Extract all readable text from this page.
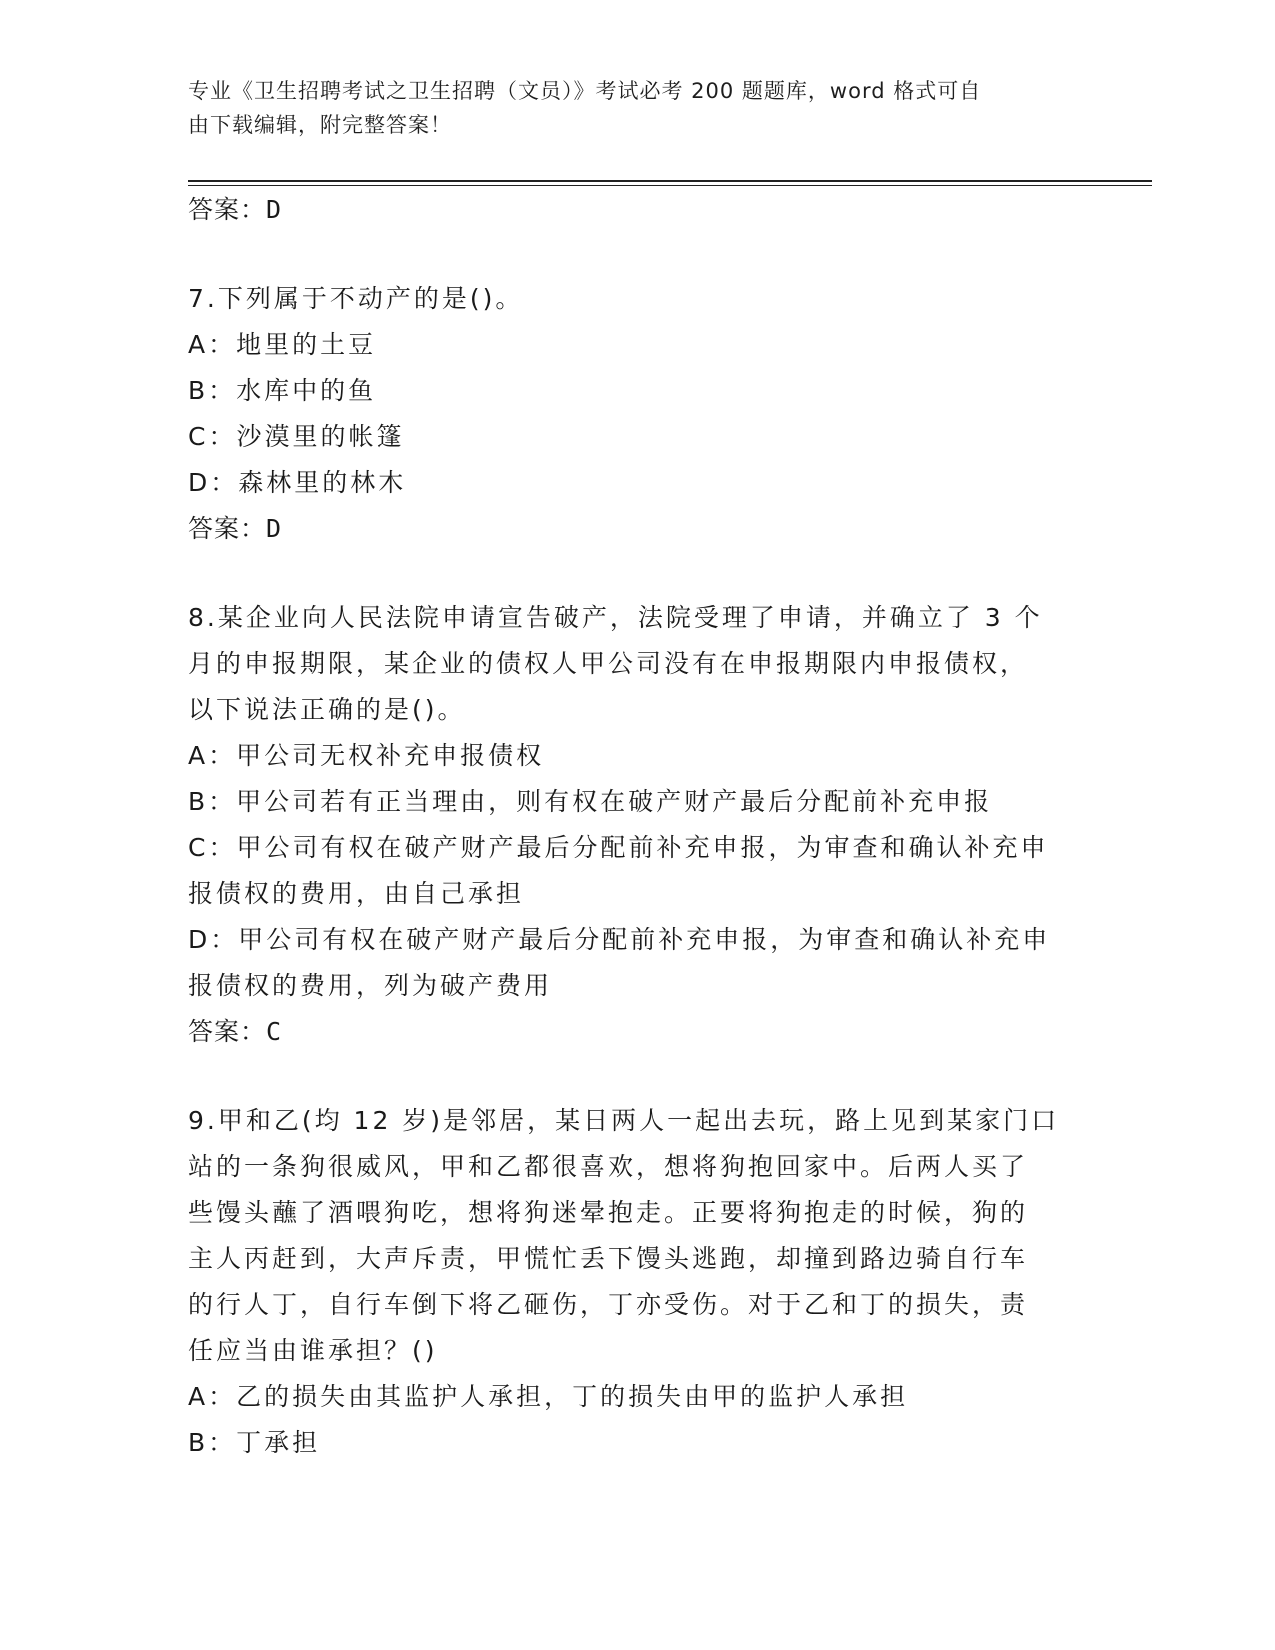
专业《卫生招聘考试之卫生招聘（文员）》考试必考 200 题题库，word 格式可自
由下载编辑，附完整答案！
答案：D
7.下列属于不动产的是()。
A：地里的土豆
B：水库中的鱼
C：沙漠里的帐篷
D：森林里的林木
答案：D
8.某企业向人民法院申请宣告破产，法院受理了申请，并确立了 3 个
月的申报期限，某企业的债权人甲公司没有在申报期限内申报债权，
以下说法正确的是()。
A：甲公司无权补充申报债权
B：甲公司若有正当理由，则有权在破产财产最后分配前补充申报
C：甲公司有权在破产财产最后分配前补充申报，为审查和确认补充申
报债权的费用，由自己承担
D：甲公司有权在破产财产最后分配前补充申报，为审查和确认补充申
报债权的费用，列为破产费用
答案：C
9.甲和乙(均 12 岁)是邻居，某日两人一起出去玩，路上见到某家门口
站的一条狗很威风，甲和乙都很喜欢，想将狗抱回家中。后两人买了
些馒头蘸了酒喂狗吃，想将狗迷晕抱走。正要将狗抱走的时候，狗的
主人丙赶到，大声斥责，甲慌忙丢下馒头逃跑，却撞到路边骑自行车
的行人丁，自行车倒下将乙砸伤，丁亦受伤。对于乙和丁的损失，责
任应当由谁承担？()
A：乙的损失由其监护人承担，丁的损失由甲的监护人承担
B：丁承担
